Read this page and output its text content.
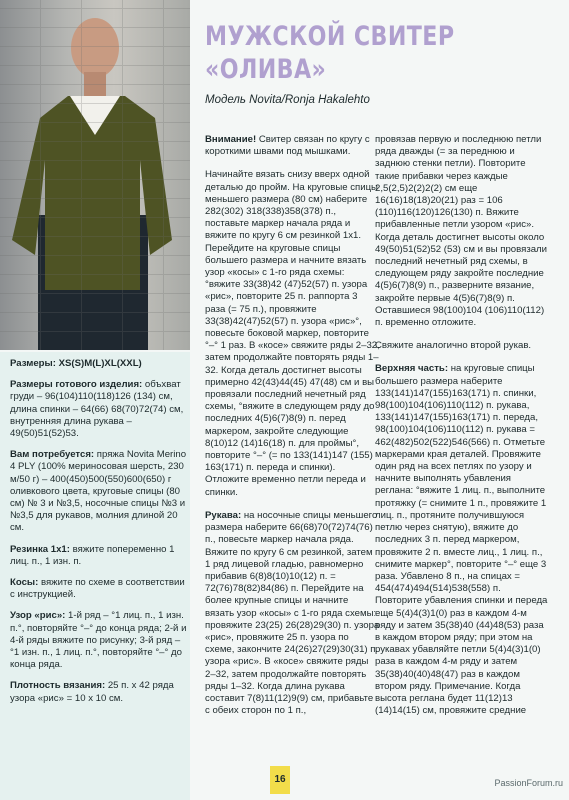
МУЖСКОЙ СВИТЕР «ОЛИВА»

Модель Novita/Ronja Hakalehto

Размеры: XS(S)M(L)XL(XXL)

Размеры готового изделия: объхват груди – 96(104)110(118)126 (134) см, длина спинки – 64(66) 68(70)72(74) см, внутренняя длина рукава – 49(50)51(52)53.

Вам потребуется: пряжа Novita Merino 4 PLY (100% мериносовая шерсть, 230 м/50 г) – 400(450)500(550)600(650) г оливкового цвета, круговые спицы (80 см) № 3 и №3,5, носочные спицы №3 и №3,5 для рукавов, молния длиной 20 см.

Резинка 1x1: вяжите попеременно 1 лиц. п., 1 изн. п.

Косы: вяжите по схеме в соответствии с инструкцией.

Узор «рис»: 1-й ряд – °1 лиц. п., 1 изн. п.°, повторяйте °–° до конца ряда; 2-й и 4-й ряды вяжите по рисунку; 3-й ряд – °1 изн. п., 1 лиц. п.°, повторяйте °–° до конца ряда.

Плотность вязания: 25 п. x 42 ряда узора «рис» = 10 x 10 см.

Внимание! Свитер связан по кругу с короткими швами под мышками.

Начинайте вязать снизу вверх одной деталью до пройм. На круговые спицы меньшего размера (80 см) наберите 282(302) 318(338)358(378) п., поставьте маркер начала ряда и вяжите по кругу 6 см резинкой 1x1. Перейдите на круговые спицы большего размера и начните вязать узор «косы» с 1-го ряда схемы: °вяжите 33(38)42 (47)52(57) п. узора «рис», повторите 25 п. раппорта 3 раза (= 75 п.), провяжите 33(38)42(47)52(57) п. узора «рис»°, повесьте боковой маркер, повторите °–° 1 раз. В «косе» свяжите ряды 2–32, затем продолжайте повторять ряды 1–32. Когда деталь достигнет высоты примерно 42(43)44(45) 47(48) см и вы провязали последний нечетный ряд схемы, °вяжите в следующем ряду до последних 4(5)6(7)8(9) п. перед маркером, закройте следующие 8(10)12 (14)16(18) п. для проймы°, повторите °–° (= по 133(141)147 (155) 163(171) п. переда и спинки). Отложите временно петли переда и спинки.

Рукава: на носочные спицы меньшего размера наберите 66(68)70(72)74(76) п., повесьте маркер начала ряда. Вяжите по кругу 6 см резинкой, затем 1 ряд лицевой гладью, равномерно прибавив 6(8)8(10)10(12) п. = 72(76)78(82)84(86) п. Перейдите на более крупные спицы и начните вязать узор «косы» с 1-го ряда схемы: провяжите 23(25) 26(28)29(30) п. узора «рис», провяжите 25 п. узора по схеме, закончите 24(26)27(29)30(31) п. узора «рис». В «косе» свяжите ряды 2–32, затем продолжайте повторять ряды 1–32. Когда длина рукава составит 7(8)11(12)9(9) см, прибавьте с обеих сторон по 1 п.,

провязав первую и последнюю петли ряда дважды (= за переднюю и заднюю стенки петли). Повторите такие прибавки через каждые 2,5(2,5)2(2)2(2) см еще 16(16)18(18)20(21) раз = 106 (110)116(120)126(130) п. Вяжите прибавленные петли узором «рис». Когда деталь достигнет высоты около 49(50)51(52)52 (53) см и вы провязали последний нечетный ряд схемы, в следующем ряду закройте последние 4(5)6(7)8(9) п., разверните вязание, закройте первые 4(5)6(7)8(9) п. Оставшиеся 98(100)104 (106)110(112) п. временно отложите.

Свяжите аналогично второй рукав.

Верхняя часть: на круговые спицы большего размера наберите 133(141)147(155)163(171) п. спинки, 98(100)104(106)110(112) п. рукава, 133(141)147(155)163(171) п. переда, 98(100)104(106)110(112) п. рукава = 462(482)502(522)546(566) п. Отметьте маркерами края деталей. Провяжите один ряд на всех петлях по узору и начните выполнять убавления реглана: °вяжите 1 лиц. п., выполните протяжку (= снимите 1 п., провяжите 1 лиц. п., протяните получившуюся петлю через снятую), вяжите до последних 3 п. перед маркером, провяжите 2 п. вместе лиц., 1 лиц. п., снимите маркер°, повторите °–° еще 3 раза. Убавлено 8 п., на спицах = 454(474)494(514)538(558) п. Повторите убавления спинки и переда еще 5(4)4(3)1(0) раз в каждом 4-м ряду и затем 35(38)40 (44)48(53) раза в каждом втором ряду; при этом на рукавах убавляйте петли 5(4)4(3)1(0) раза в каждом 4-м ряду и затем 35(38)40(40)48(47) раз в каждом втором ряду. Примечание. Когда высота реглана будет 11(12)13 (14)14(15) см, провяжите средние

16	PassionForum.ru
